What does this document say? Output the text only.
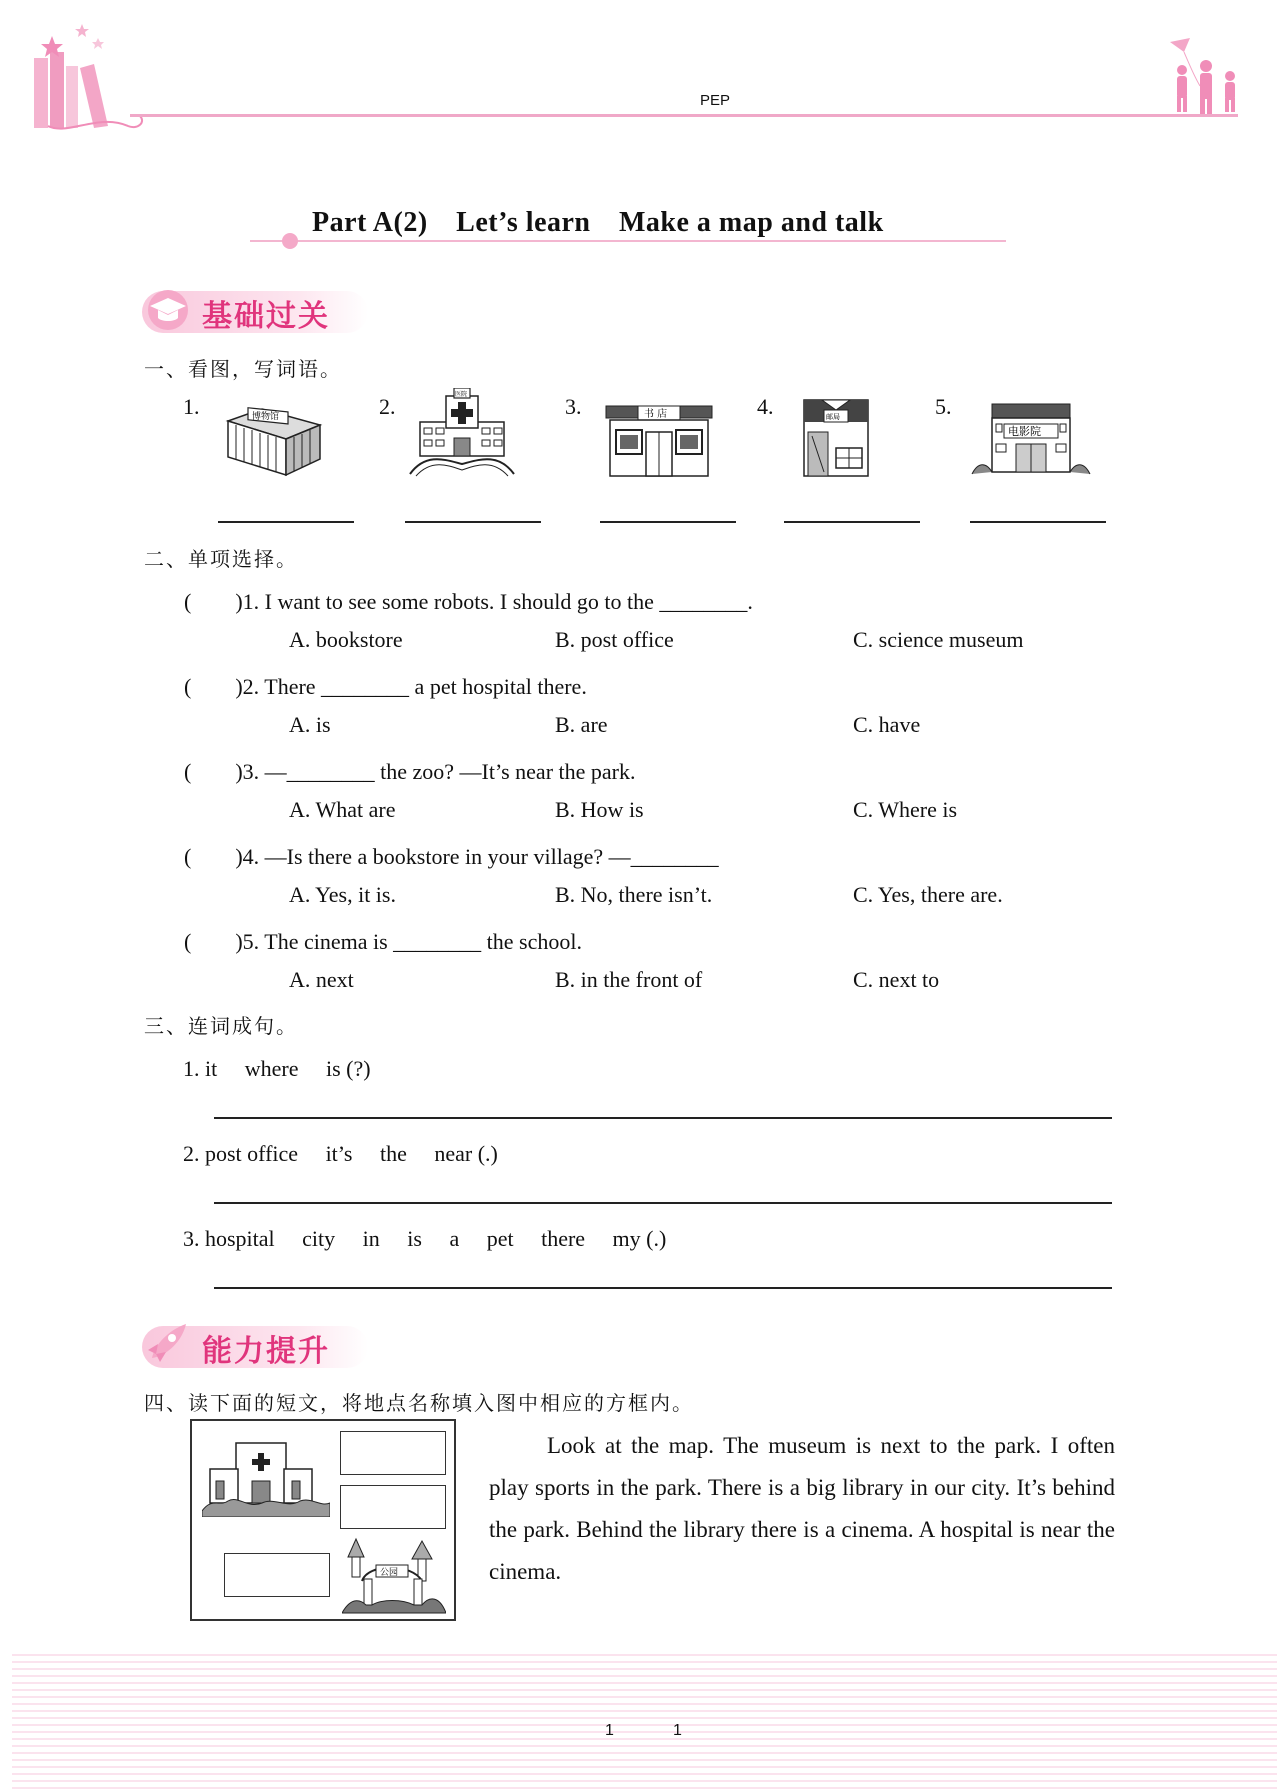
PEP
Part A(2)　Let’s learn　Make a map and talk
基础过关
一、看图，写词语。
1.	2.	3.	4.	5.
博物馆
医院
书 店	邮局
电影院
二、单项选择。
(　　)1. I want to see some robots. I should go to the ________.
A. bookstore	B. post office	C. science museum
(　　)2. There ________ a pet hospital there.
A. is	B. are	C. have
(　　)3. —________ the zoo? —It’s near the park.
A. What are	B. How is	C. Where is
(　　)4. —Is there a bookstore in your village? —________
A. Yes, it is.	B. No, there isn’t.	C. Yes, there are.
(　　)5. The cinema is ________ the school.
A. next	B. in the front of	C. next to
三、连词成句。
1. it　 where　 is (?)
2. post office　 it’s　 the　 near (.)
3. hospital　 city　 in　 is　 a　 pet　 there　 my (.)
能力提升
四、读下面的短文，将地点名称填入图中相应的方框内。
公园
Look at the map. The museum is next to the park. I often play sports in the park. There is a big library in our city. It’s behind the park. Behind the library there is a cinema. A hospital is near the cinema.
1	1
